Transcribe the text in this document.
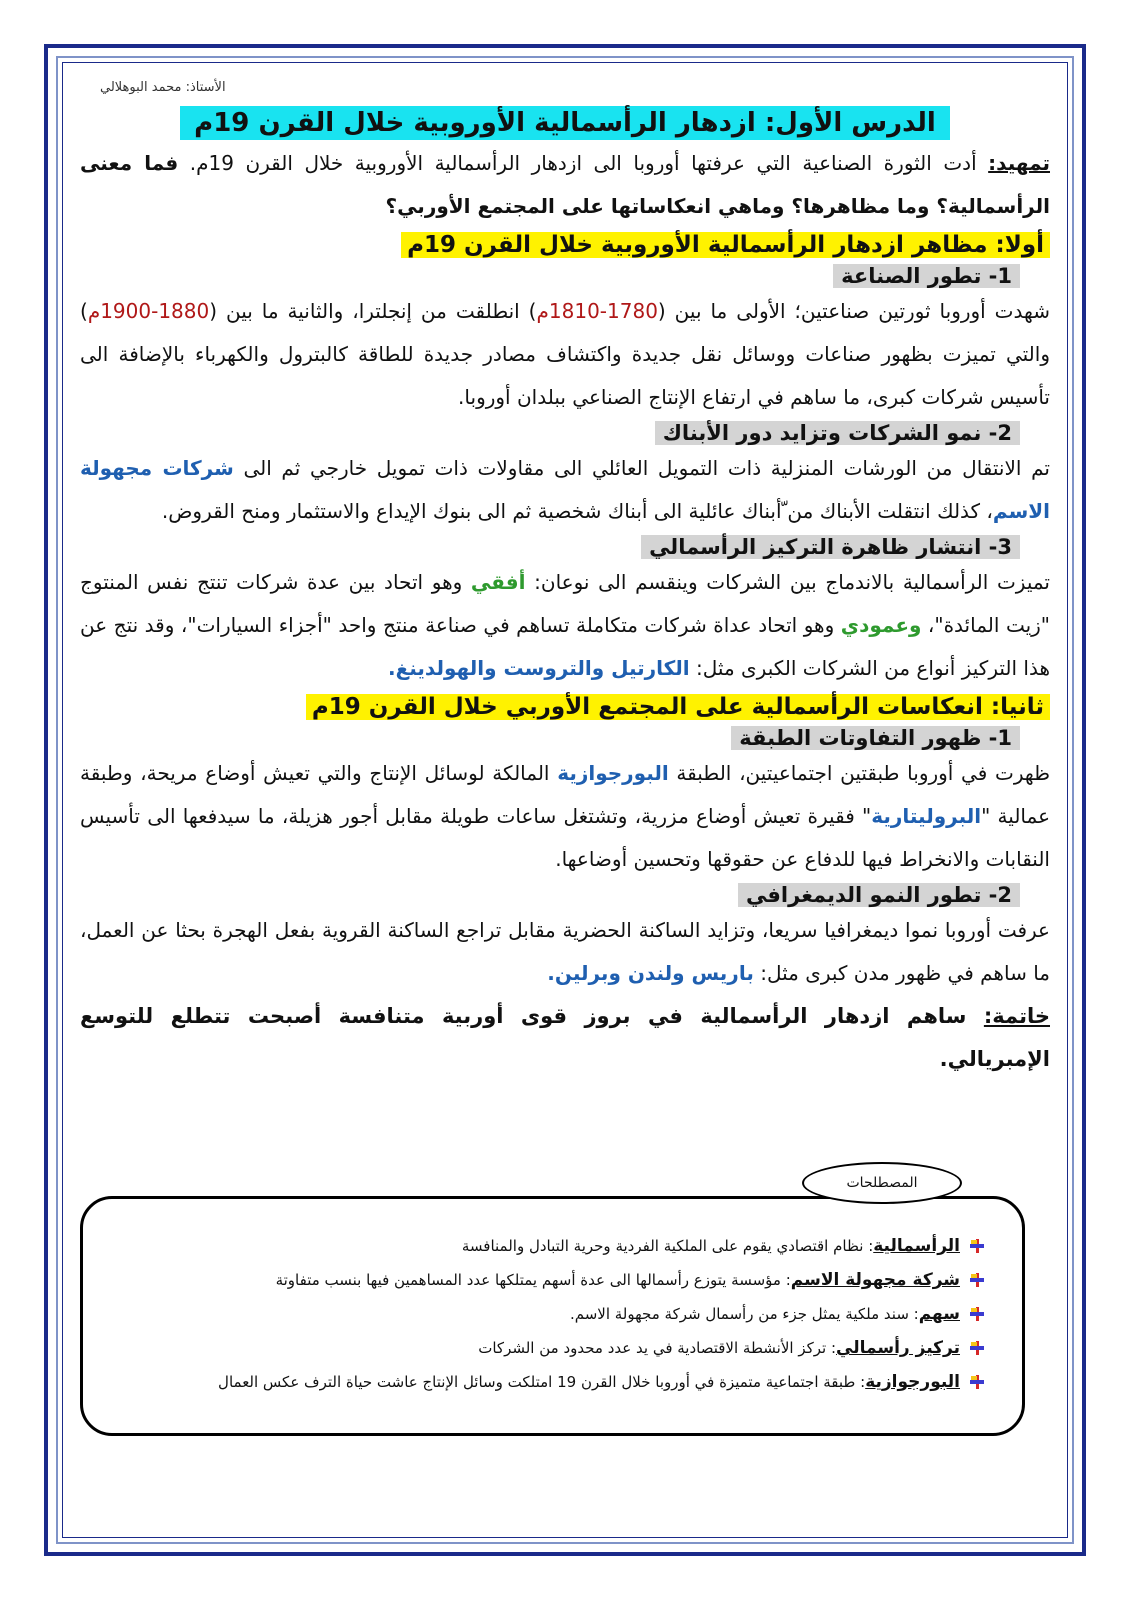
الأستاذ: محمد البوهلالي
الدرس الأول: ازدهار الرأسمالية الأوروبية خلال القرن 19م

تمهيد: أدت الثورة الصناعية التي عرفتها أوروبا الى ازدهار الرأسمالية الأوروبية خلال القرن 19م. فما معنى الرأسمالية؟ وما مظاهرها؟ وماهي انعكاساتها على المجتمع الأوربي؟

أولا: مظاهر ازدهار الرأسمالية الأوروبية خلال القرن 19م
1- تطور الصناعة

شهدت أوروبا ثورتين صناعتين؛ الأولى ما بين (1780-1810م) انطلقت من إنجلترا، والثانية ما بين (1880-1900م) والتي تميزت بظهور صناعات ووسائل نقل جديدة واكتشاف مصادر جديدة للطاقة كالبترول والكهرباء بالإضافة الى تأسيس شركات كبرى، ما ساهم في ارتفاع الإنتاج الصناعي ببلدان أوروبا.

2- نمو الشركات وتزايد دور الأبناك

تم الانتقال من الورشات المنزلية ذات التمويل العائلي الى مقاولات ذات تمويل خارجي ثم الى شركات مجهولة الاسم، كذلك انتقلت الأبناك من ّأبناك عائلية الى أبناك شخصية ثم الى بنوك الإيداع والاستثمار ومنح القروض.

3- انتشار ظاهرة التركيز الرأسمالي

تميزت الرأسمالية بالاندماج بين الشركات وينقسم الى نوعان: أفقي وهو اتحاد بين عدة شركات تنتج نفس المنتوج "زيت المائدة"، وعمودي وهو اتحاد عداة شركات متكاملة تساهم في صناعة منتج واحد "أجزاء السيارات"، وقد نتج عن هذا التركيز أنواع من الشركات الكبرى مثل: الكارتيل والتروست والهولدينغ.

ثانيا: انعكاسات الرأسمالية على المجتمع الأوربي خلال القرن 19م
1- ظهور التفاوتات الطبقة

ظهرت في أوروبا طبقتين اجتماعيتين، الطبقة البورجوازية المالكة لوسائل الإنتاج والتي تعيش أوضاع مريحة، وطبقة عمالية "البروليتارية" فقيرة تعيش أوضاع مزرية، وتشتغل ساعات طويلة مقابل أجور هزيلة، ما سيدفعها الى تأسيس النقابات والانخراط فيها للدفاع عن حقوقها وتحسين أوضاعها.

2- تطور النمو الديمغرافي

عرفت أوروبا نموا ديمغرافيا سريعا، وتزايد الساكنة الحضرية مقابل تراجع الساكنة القروية بفعل الهجرة بحثا عن العمل، ما ساهم في ظهور مدن كبرى مثل: باريس ولندن وبرلين.

خاتمة: ساهم ازدهار الرأسمالية في بروز قوى أوربية متنافسة أصبحت تتطلع للتوسع الإمبريالي.

المصطلحات
الرأسمالية
: نظام اقتصادي يقوم على الملكية الفردية وحرية التبادل والمنافسة
شركة مجهولة الاسم
: مؤسسة يتوزع رأسمالها الى عدة أسهم يمتلكها عدد المساهمين فيها بنسب متفاوتة
سهم
: سند ملكية يمثل جزء من رأسمال شركة مجهولة الاسم.
تركيز رأسمالي
: تركز الأنشطة الاقتصادية في يد عدد محدود من الشركات
البورجوازية
: طبقة اجتماعية متميزة في أوروبا خلال القرن 19 امتلكت وسائل الإنتاج عاشت حياة الترف عكس العمال
